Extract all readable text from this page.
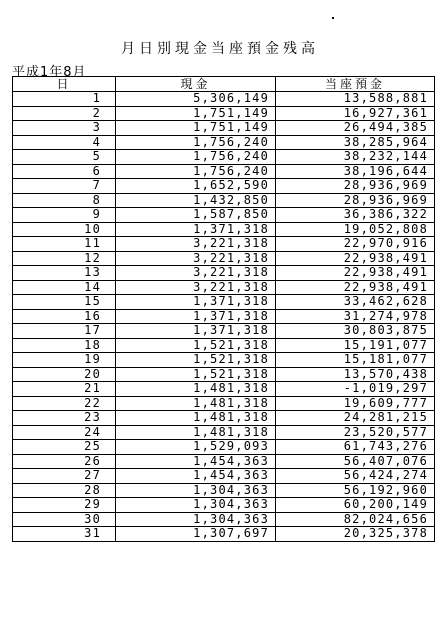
月日別現金当座預金残高
平成1年8月
日	現金	当座預金
1	5,306,149	13,588,881
2	1,751,149	16,927,361
3	1,751,149	26,494,385
4	1,756,240	38,285,964
5	1,756,240	38,232,144
6	1,756,240	38,196,644
7	1,652,590	28,936,969
8	1,432,850	28,936,969
9	1,587,850	36,386,322
10	1,371,318	19,052,808
11	3,221,318	22,970,916
12	3,221,318	22,938,491
13	3,221,318	22,938,491
14	3,221,318	22,938,491
15	1,371,318	33,462,628
16	1,371,318	31,274,978
17	1,371,318	30,803,875
18	1,521,318	15,191,077
19	1,521,318	15,181,077
20	1,521,318	13,570,438
21	1,481,318	-1,019,297
22	1,481,318	19,609,777
23	1,481,318	24,281,215
24	1,481,318	23,520,577
25	1,529,093	61,743,276
26	1,454,363	56,407,076
27	1,454,363	56,424,274
28	1,304,363	56,192,960
29	1,304,363	60,200,149
30	1,304,363	82,024,656
31	1,307,697	20,325,378
